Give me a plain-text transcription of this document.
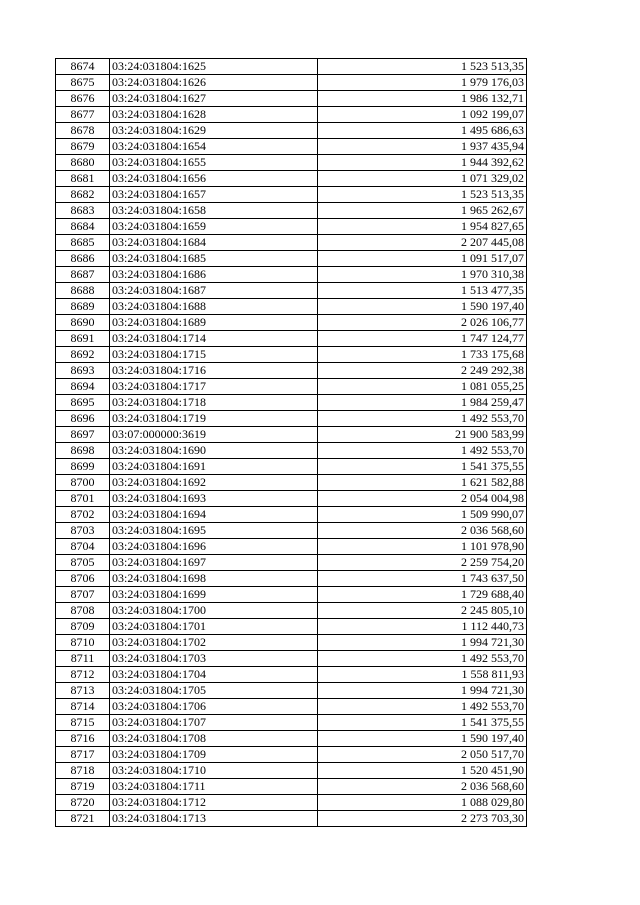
8674	03:24:031804:1625	1 523 513,35
8675	03:24:031804:1626	1 979 176,03
8676	03:24:031804:1627	1 986 132,71
8677	03:24:031804:1628	1 092 199,07
8678	03:24:031804:1629	1 495 686,63
8679	03:24:031804:1654	1 937 435,94
8680	03:24:031804:1655	1 944 392,62
8681	03:24:031804:1656	1 071 329,02
8682	03:24:031804:1657	1 523 513,35
8683	03:24:031804:1658	1 965 262,67
8684	03:24:031804:1659	1 954 827,65
8685	03:24:031804:1684	2 207 445,08
8686	03:24:031804:1685	1 091 517,07
8687	03:24:031804:1686	1 970 310,38
8688	03:24:031804:1687	1 513 477,35
8689	03:24:031804:1688	1 590 197,40
8690	03:24:031804:1689	2 026 106,77
8691	03:24:031804:1714	1 747 124,77
8692	03:24:031804:1715	1 733 175,68
8693	03:24:031804:1716	2 249 292,38
8694	03:24:031804:1717	1 081 055,25
8695	03:24:031804:1718	1 984 259,47
8696	03:24:031804:1719	1 492 553,70
8697	03:07:000000:3619	21 900 583,99
8698	03:24:031804:1690	1 492 553,70
8699	03:24:031804:1691	1 541 375,55
8700	03:24:031804:1692	1 621 582,88
8701	03:24:031804:1693	2 054 004,98
8702	03:24:031804:1694	1 509 990,07
8703	03:24:031804:1695	2 036 568,60
8704	03:24:031804:1696	1 101 978,90
8705	03:24:031804:1697	2 259 754,20
8706	03:24:031804:1698	1 743 637,50
8707	03:24:031804:1699	1 729 688,40
8708	03:24:031804:1700	2 245 805,10
8709	03:24:031804:1701	1 112 440,73
8710	03:24:031804:1702	1 994 721,30
8711	03:24:031804:1703	1 492 553,70
8712	03:24:031804:1704	1 558 811,93
8713	03:24:031804:1705	1 994 721,30
8714	03:24:031804:1706	1 492 553,70
8715	03:24:031804:1707	1 541 375,55
8716	03:24:031804:1708	1 590 197,40
8717	03:24:031804:1709	2 050 517,70
8718	03:24:031804:1710	1 520 451,90
8719	03:24:031804:1711	2 036 568,60
8720	03:24:031804:1712	1 088 029,80
8721	03:24:031804:1713	2 273 703,30
